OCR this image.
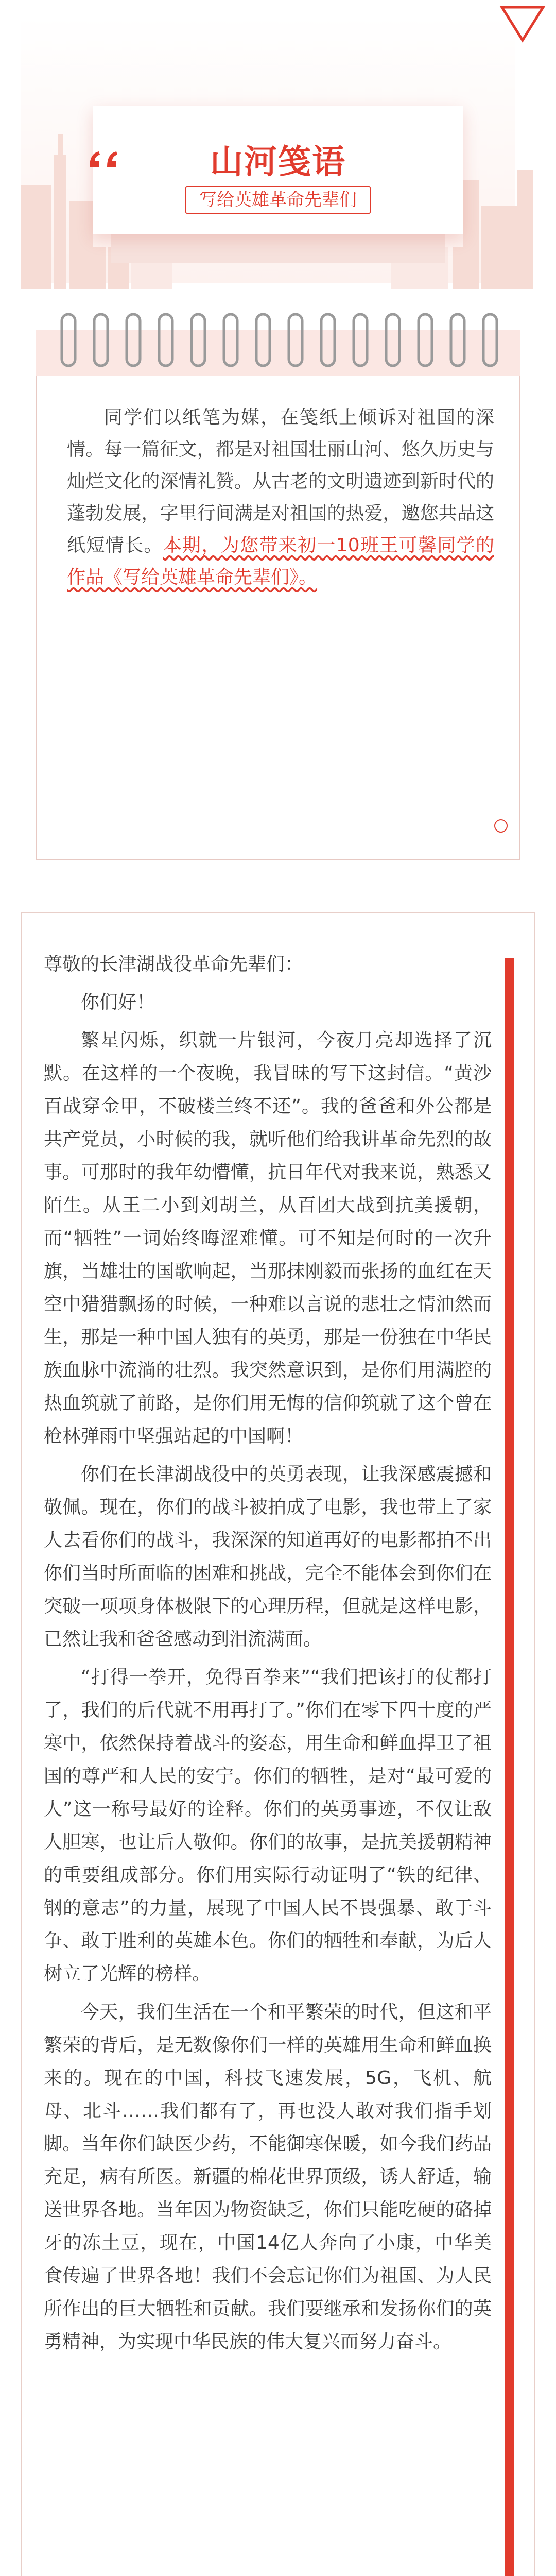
山河笺语
写给英雄革命先辈们
同学们以纸笔为媒，在笺纸上倾诉对祖国的深情。每一篇征文，都是对祖国壮丽山河、悠久历史与灿烂文化的深情礼赞。从古老的文明遗迹到新时代的蓬勃发展，字里行间满是对祖国的热爱，邀您共品这纸短情长。本期，为您带来初一10班王可馨同学的作品《写给英雄革命先辈们》。

尊敬的长津湖战役革命先辈们：

你们好！

繁星闪烁，织就一片银河，今夜月亮却选择了沉默。在这样的一个夜晚，我冒昧的写下这封信。“黄沙百战穿金甲，不破楼兰终不还”。我的爸爸和外公都是共产党员，小时候的我，就听他们给我讲革命先烈的故事。可那时的我年幼懵懂，抗日年代对我来说，熟悉又陌生。从王二小到刘胡兰，从百团大战到抗美援朝，而“牺牲”一词始终晦涩难懂。可不知是何时的一次升旗，当雄壮的国歌响起，当那抹刚毅而张扬的血红在天空中猎猎飘扬的时候，一种难以言说的悲壮之情油然而生，那是一种中国人独有的英勇，那是一份独在中华民族血脉中流淌的壮烈。我突然意识到，是你们用满腔的热血筑就了前路，是你们用无悔的信仰筑就了这个曾在枪林弹雨中坚强站起的中国啊！

你们在长津湖战役中的英勇表现，让我深感震撼和敬佩。现在，你们的战斗被拍成了电影，我也带上了家人去看你们的战斗，我深深的知道再好的电影都拍不出你们当时所面临的困难和挑战，完全不能体会到你们在突破一项项身体极限下的心理历程，但就是这样电影，已然让我和爸爸感动到泪流满面。

“打得一拳开，免得百拳来”“我们把该打的仗都打了，我们的后代就不用再打了。”你们在零下四十度的严寒中，依然保持着战斗的姿态，用生命和鲜血捍卫了祖国的尊严和人民的安宁。你们的牺牲，是对“最可爱的人”这一称号最好的诠释。你们的英勇事迹，不仅让敌人胆寒，也让后人敬仰。你们的故事，是抗美援朝精神的重要组成部分。你们用实际行动证明了“铁的纪律、钢的意志”的力量，展现了中国人民不畏强暴、敢于斗争、敢于胜利的英雄本色。你们的牺牲和奉献，为后人树立了光辉的榜样。

今天，我们生活在一个和平繁荣的时代，但这和平繁荣的背后，是无数像你们一样的英雄用生命和鲜血换来的。现在的中国，科技飞速发展，5G，飞机、航母、北斗……我们都有了，再也没人敢对我们指手划脚。当年你们缺医少药，不能御寒保暖，如今我们药品充足，病有所医。新疆的棉花世界顶级，诱人舒适，输送世界各地。当年因为物资缺乏，你们只能吃硬的硌掉牙的冻土豆，现在，中国14亿人奔向了小康，中华美食传遍了世界各地！我们不会忘记你们为祖国、为人民所作出的巨大牺牲和贡献。我们要继承和发扬你们的英勇精神，为实现中华民族的伟大复兴而努力奋斗。
